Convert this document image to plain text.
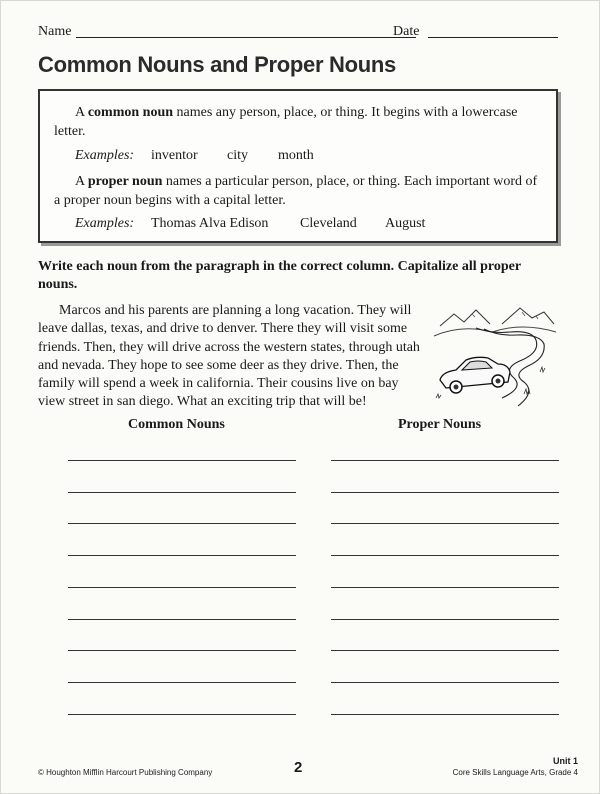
Name	Date
Common Nouns and Proper Nouns
A common noun names any person, place, or thing. It begins with a lowercase letter.
Examples: inventor city month
A proper noun names a particular person, place, or thing. Each important word of a proper noun begins with a capital letter.
Examples: Thomas Alva Edison Cleveland August
Write each noun from the paragraph in the correct column. Capitalize all proper nouns.
Marcos and his parents are planning a long vacation. They will leave dallas, texas, and drive to denver. There they will visit some friends. Then, they will drive across the western states, through utah and nevada. They hope to see some deer as they drive. Then, the family will spend a week in california. Their cousins live on bay view street in san diego. What an exciting trip that will be!
Common Nouns	Proper Nouns
© Houghton Mifflin Harcourt Publishing Company	2	Unit 1
Core Skills Language Arts, Grade 4
